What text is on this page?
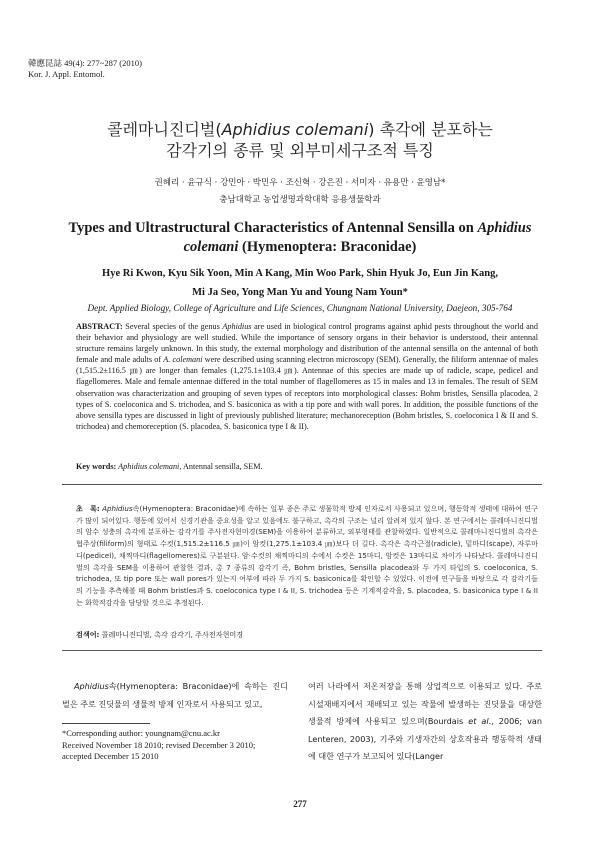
韓應昆誌 49(4): 277~287 (2010)
Kor. J. Appl. Entomol.
콜레마니진디벌(Aphidius colemani) 촉각에 분포하는
감각기의 종류 및 외부미세구조적 특징
권혜리 · 윤규식 · 강민아 · 박민우 · 조신혁 · 강은진 · 서미자 · 유용만 · 윤영남*
충남대학교 농업생명과학대학 응용생물학과
Types and Ultrastructural Characteristics of Antennal Sensilla on Aphidius
colemani (Hymenoptera: Braconidae)
Hye Ri Kwon, Kyu Sik Yoon, Min A Kang, Min Woo Park, Shin Hyuk Jo, Eun Jin Kang,
Mi Ja Seo, Yong Man Yu and Young Nam Youn*
Dept. Applied Biology, College of Agriculture and Life Sciences, Chungnam National University, Daejeon, 305-764
ABSTRACT: Several species of the genus Aphidius are used in biological control programs against aphid pests throughout the world and their behavior and physiology are well studied. While the importance of sensory organs in their behavior is understood, their antennal structure remains largely unknown. In this study, the external morphology and distribution of the antennal sensilla on the antennal of both female and male adults of A. colemani were described using scanning electron microscopy (SEM). Generally, the filiform antennae of males (1,515.2±116.5 ㎛) are longer than females (1,275.1±103.4 ㎛). Antennae of this species are made up of radicle, scape, pedicel and flagellomeres. Male and female antennae differed in the total number of flagellomeres as 15 in males and 13 in females. The result of SEM observation was characterization and grouping of seven types of receptors into morphological classes: Bohm bristles, Sensilla placodea, 2 types of S. coeloconica and S. trichodea, and S. basiconica as with a tip pore and with wall pores. In addition, the possible functions of the above sensilla types are discussed in light of previously published literature; mechanoreception (Bohm bristles, S. coeloconica I & II and S. trichodea) and chemoreception (S. placodea, S. basiconica type I & II).
Key words: Aphidius colemani, Antennal sensilla, SEM.
초　록: Aphidius속(Hymenoptera: Braconidae)에 속하는 일부 종은 주로 생물학적 방제 인자로서 사용되고 있으며, 행동학적 생태에 대하여 연구가 많이 되어있다. 행동에 있어서 신경기관을 중요성을 알고 있음에도 불구하고, 촉각의 구조는 널리 알려져 있지 않다. 본 연구에서는 콜레마니진디벌의 암수 성충의 촉각에 분포하는 감각기를 주사전자현미경(SEM)을 이용하여 분류하고, 외부형태를 관찰하였다. 일반적으로 콜레마니진디벌의 촉각은 협주상(filiform)의 형태로 수컷(1,515.2±116.5 ㎛)이 암컷(1,275.1±103.4 ㎛)보다 더 길다. 촉각은 촉각근절(radicle), 밑마디(scape), 자루마디(pedicel), 채찍마디(flagellomeres)로 구분된다. 암·수컷의 채찍마디의 수에서 수컷은 15마디, 암컷은 13마디로 차이가 나타났다. 콜레마니진디벌의 촉각을 SEM을 이용하여 관찰한 결과, 총 7 종류의 감각기 즉, Bohm bristles, Sensilla placodea와 두 가지 타입의 S. coeloconica, S. trichodea, 또 tip pore 또는 wall pores가 있는지 여부에 따라 두 가지 S. basiconica를 확인할 수 있었다. 이전에 연구들을 바탕으로 각 감각기들의 기능을 추측해볼 때 Bohm bristles과 S. coeloconica type I & II, S. trichodea 등은 기계적감각을, S. placodea, S. basiconica type I & II는 화학적감각을 담당할 것으로 추정된다.
검색어: 콜레마니진디벌, 촉각 감각기, 주사전자현미경
Aphidius속(Hymenoptera: Braconidae)에 속하는 진디벌은 주로 진딧물의 생물적 방제 인자로서 사용되고 있고,
여러 나라에서 저온저장을 통해 상업적으로 이용되고 있다. 주로 시설재배지에서 재배되고 있는 작물에 발생하는 진딧물을 대상한 생물적 방제에 사용되고 있으며(Bourdais et al., 2006; van Lenteren, 2003), 기주와 기생자간의 상호작용과 행동학적 생태에 대한 연구가 보고되어 있다(Langer
*Corresponding author: youngnam@cnu.ac.kr
Received November 18 2010; revised December 3 2010;
accepted December 15 2010
277
